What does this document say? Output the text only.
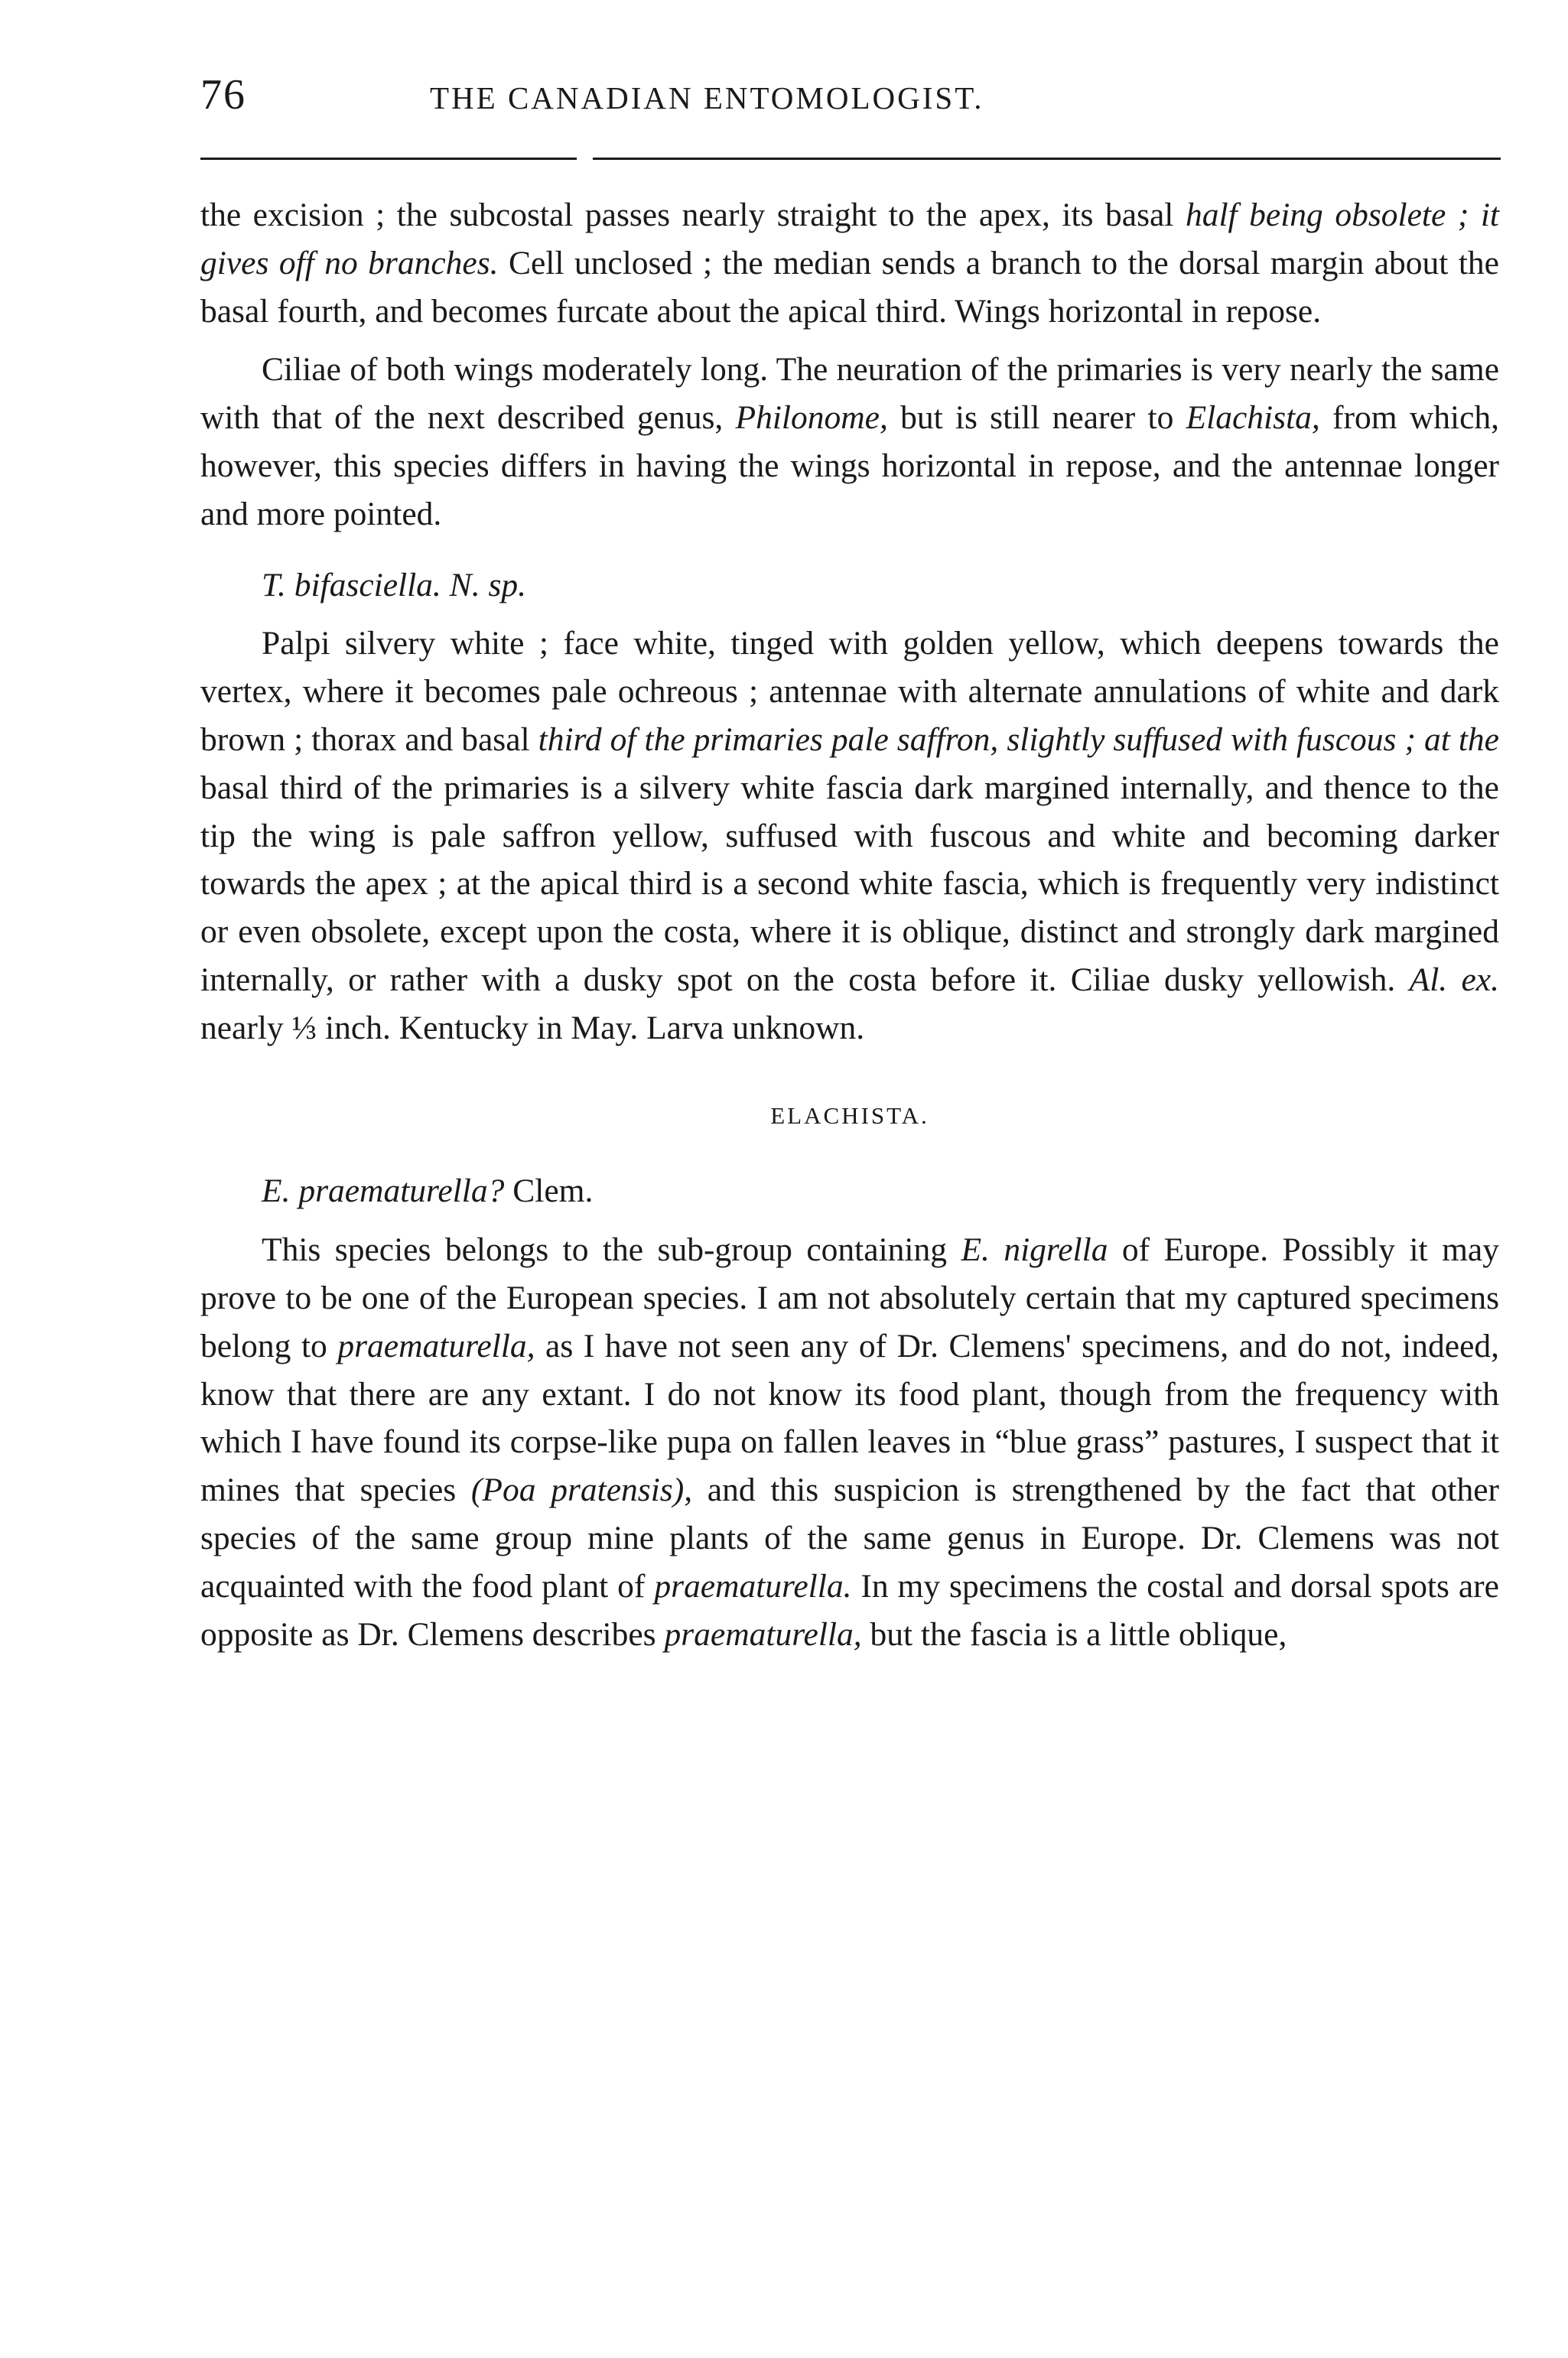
76	THE CANADIAN ENTOMOLOGIST.

the excision ; the subcostal passes nearly straight to the apex, its basal half being obsolete ; it gives off no branches. Cell unclosed ; the median sends a branch to the dorsal margin about the basal fourth, and becomes furcate about the apical third. Wings horizontal in repose.

Ciliae of both wings moderately long. The neuration of the primaries is very nearly the same with that of the next described genus, Philonome, but is still nearer to Elachista, from which, however, this species differs in having the wings horizontal in repose, and the antennae longer and more pointed.

T. bifasciella. N. sp.

Palpi silvery white ; face white, tinged with golden yellow, which deepens towards the vertex, where it becomes pale ochreous ; antennae with alternate annulations of white and dark brown ; thorax and basal third of the primaries pale saffron, slightly suffused with fuscous ; at the basal third of the primaries is a silvery white fascia dark margined internally, and thence to the tip the wing is pale saffron yellow, suffused with fuscous and white and becoming darker towards the apex ; at the apical third is a second white fascia, which is frequently very indistinct or even obsolete, except upon the costa, where it is oblique, distinct and strongly dark margined internally, or rather with a dusky spot on the costa before it. Ciliae dusky yellowish. Al. ex. nearly ⅓ inch. Kentucky in May. Larva unknown.

ELACHISTA.

E. praematurella? Clem.

This species belongs to the sub-group containing E. nigrella of Europe. Possibly it may prove to be one of the European species. I am not absolutely certain that my captured specimens belong to praematurella, as I have not seen any of Dr. Clemens' specimens, and do not, indeed, know that there are any extant. I do not know its food plant, though from the frequency with which I have found its corpse-like pupa on fallen leaves in “blue grass” pastures, I suspect that it mines that species (Poa pratensis), and this suspicion is strengthened by the fact that other species of the same group mine plants of the same genus in Europe. Dr. Clemens was not acquainted with the food plant of praematurella. In my specimens the costal and dorsal spots are opposite as Dr. Clemens describes praematurella, but the fascia is a little oblique,
